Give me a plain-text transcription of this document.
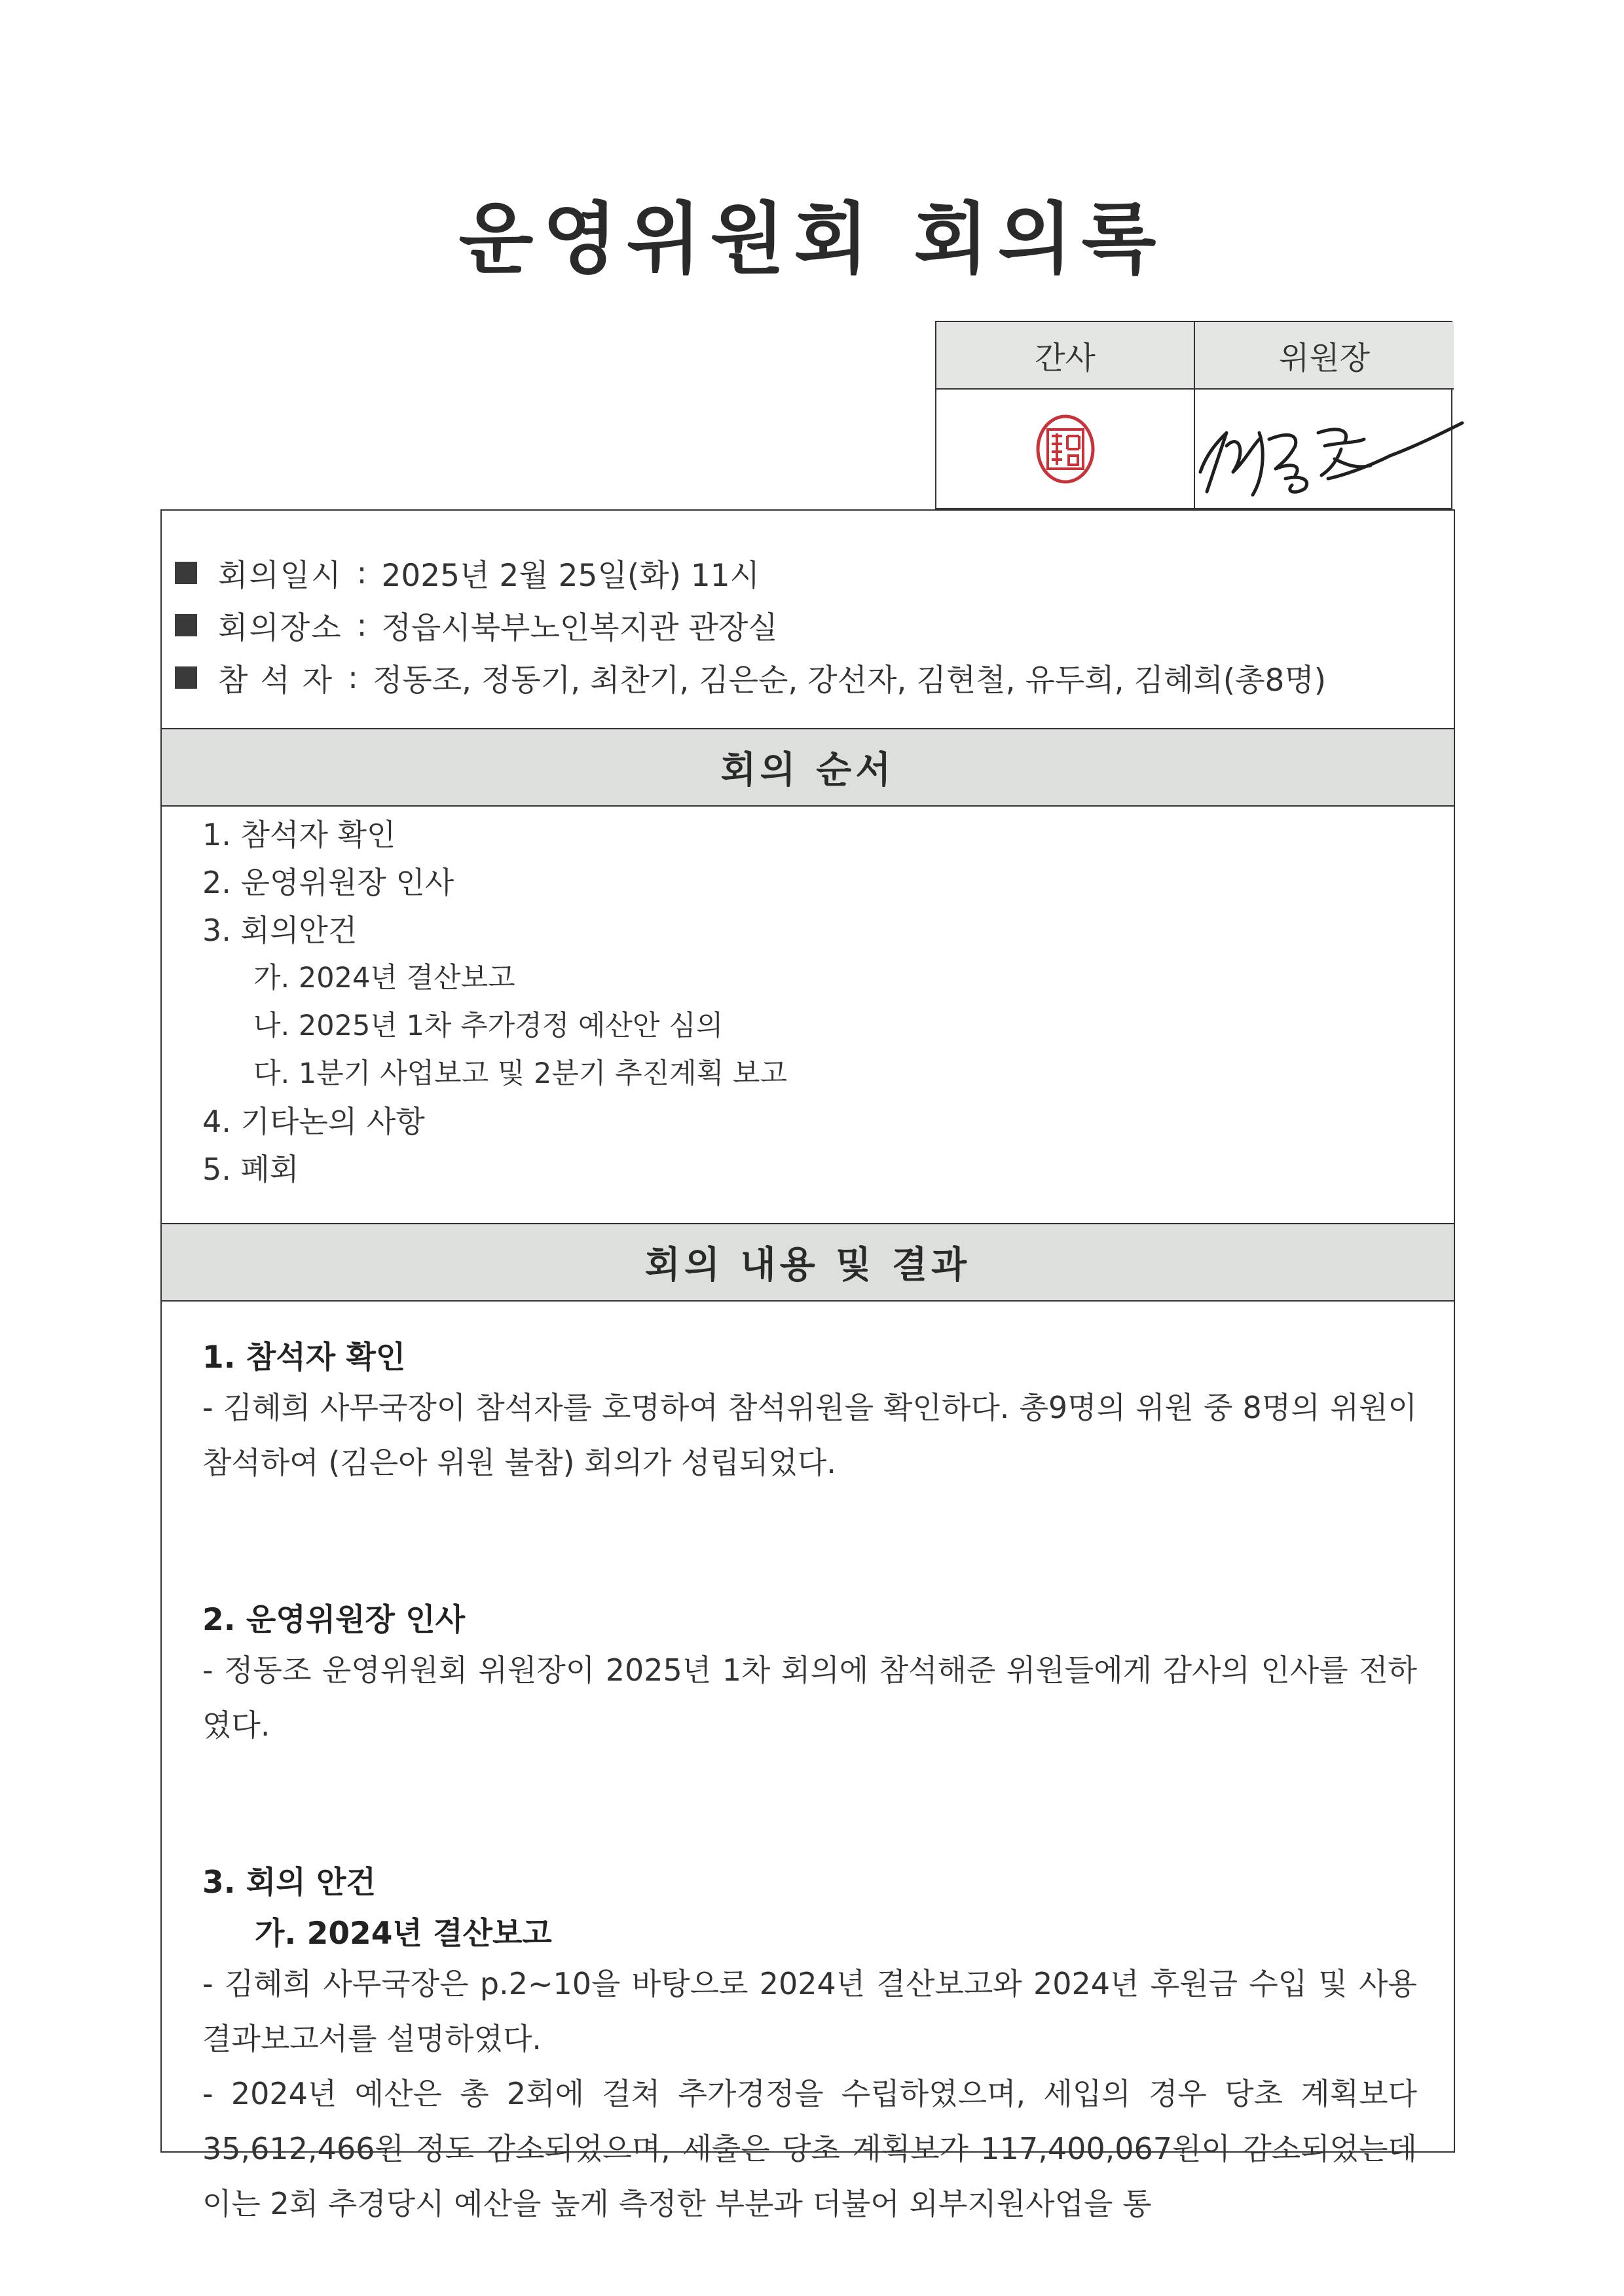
운영위원회 회의록
간사	위원장
회의일시 : 2025년 2월 25일(화) 11시
회의장소 : 정읍시북부노인복지관 관장실
참 석 자 : 정동조, 정동기, 최찬기, 김은순, 강선자, 김현철, 유두희, 김혜희(총8명)
회의 순서
1. 참석자 확인
2. 운영위원장 인사
3. 회의안건
가. 2024년 결산보고
나. 2025년 1차 추가경정 예산안 심의
다. 1분기 사업보고 및 2분기 추진계획 보고
4. 기타논의 사항
5. 폐회
회의 내용 및 결과
1. 참석자 확인
- 김혜희 사무국장이 참석자를 호명하여 참석위원을 확인하다. 총9명의 위원 중 8명의 위원이 참석하여 (김은아 위원 불참) 회의가 성립되었다.
2. 운영위원장 인사
- 정동조 운영위원회 위원장이 2025년 1차 회의에 참석해준 위원들에게 감사의 인사를 전하였다.
3. 회의 안건
가. 2024년 결산보고
- 김혜희 사무국장은 p.2~10을 바탕으로 2024년 결산보고와 2024년 후원금 수입 및 사용결과보고서를 설명하였다.
- 2024년 예산은 총 2회에 걸쳐 추가경정을 수립하였으며, 세입의 경우 당초 계획보다 35,612,466원 정도 감소되었으며, 세출은 당초 계획보가 117,400,067원이 감소되었는데 이는 2회 추경당시 예산을 높게 측정한 부분과 더불어 외부지원사업을 통
